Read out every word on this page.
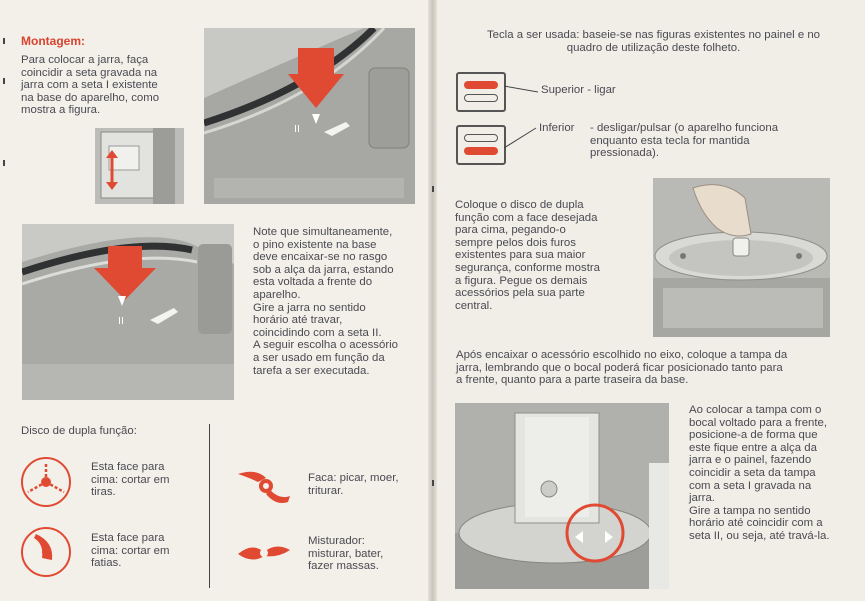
Montagem:
Para colocar a jarra, faça
coincidir a seta gravada na
jarra com a seta I existente
na base do aparelho, como
mostra a figura.
II
II
Note que simultaneamente,
o pino existente na base
deve encaixar-se no rasgo
sob a alça da jarra, estando
esta voltada a frente do
aparelho.
Gire a jarra no sentido
horário até travar,
coincidindo com a seta II.
A seguir escolha o acessório
a ser usado em função da
tarefa a ser executada.
Disco de dupla função:
Esta face para
cima: cortar em
tiras.
Esta face para
cima: cortar em
fatias.
Faca: picar, moer,
triturar.
Misturador:
misturar, bater,
fazer massas.
Tecla a ser usada: baseie-se nas figuras existentes no painel e no
quadro de utilização deste folheto.
Superior - ligar
Inferior - desligar/pulsar (o aparelho funciona
enquanto esta tecla for mantida
pressionada).
Coloque o disco de dupla
função com a face desejada
para cima, pegando-o
sempre pelos dois furos
existentes para sua maior
segurança, conforme mostra
a figura. Pegue os demais
acessórios pela sua parte
central.
Após encaixar o acessório escolhido no eixo, coloque a tampa da
jarra, lembrando que o bocal poderá ficar posicionado tanto para
a frente, quanto para a parte traseira da base.
Ao colocar a tampa com o
bocal voltado para a frente,
posicione-a de forma que
este fique entre a alça da
jarra e o painel, fazendo
coincidir a seta da tampa
com a seta I gravada na
jarra.
Gire a tampa no sentido
horário até coincidir com a
seta II, ou seja, até travá-la.
